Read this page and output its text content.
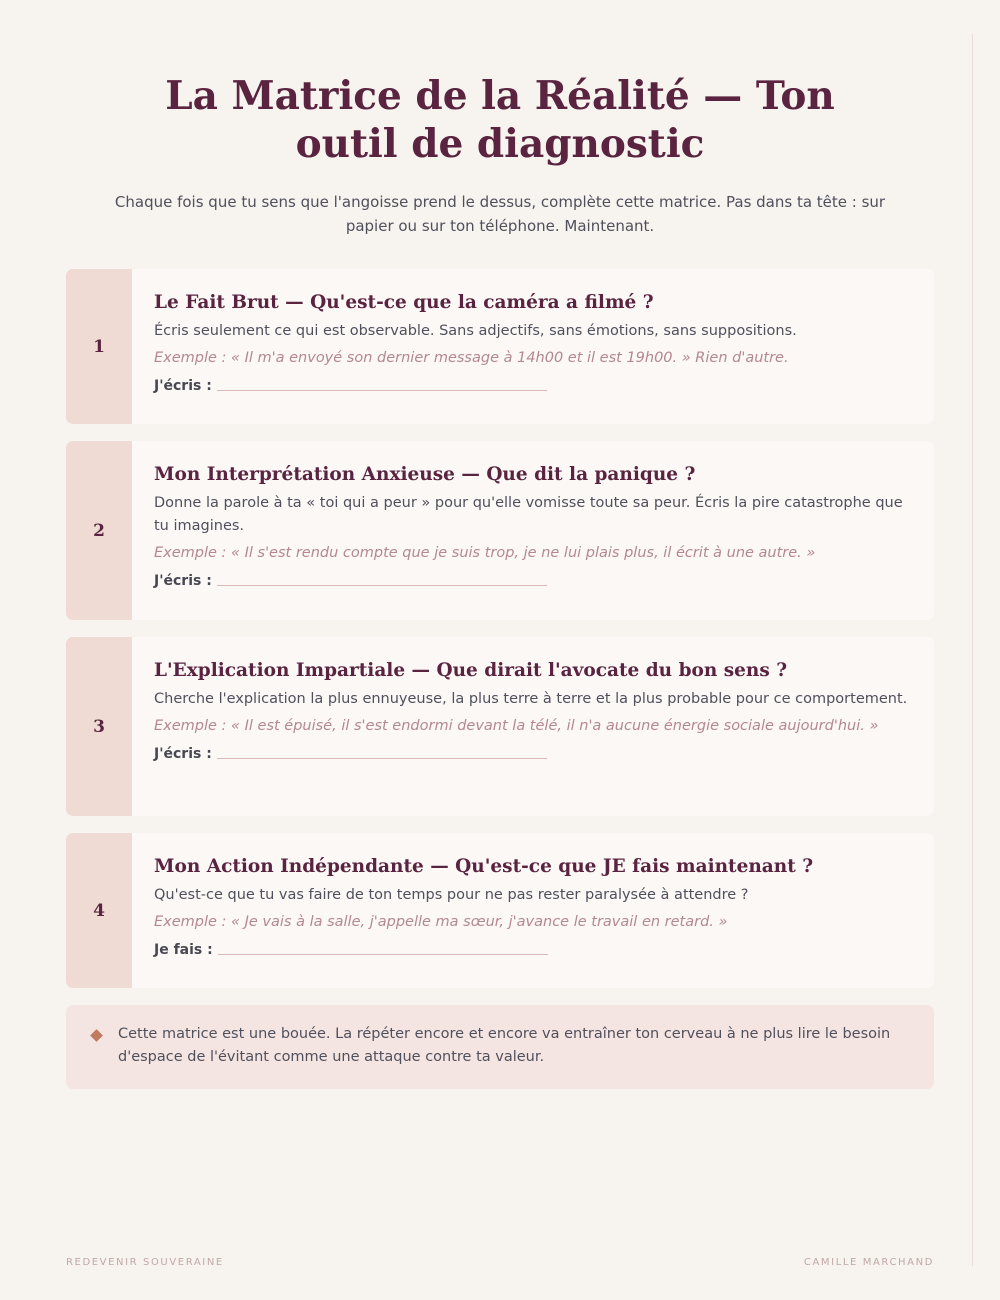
La Matrice de la Réalité — Ton outil de diagnostic

Chaque fois que tu sens que l'angoisse prend le dessus, complète cette matrice. Pas dans ta tête : sur papier ou sur ton téléphone. Maintenant.

1
Le Fait Brut — Qu'est-ce que la caméra a filmé ?

Écris seulement ce qui est observable. Sans adjectifs, sans émotions, sans suppositions.

Exemple : « Il m'a envoyé son dernier message à 14h00 et il est 19h00. » Rien d'autre.

J'écris :
2
Mon Interprétation Anxieuse — Que dit la panique ?

Donne la parole à ta « toi qui a peur » pour qu'elle vomisse toute sa peur. Écris la pire catastrophe que tu imagines.

Exemple : « Il s'est rendu compte que je suis trop, je ne lui plais plus, il écrit à une autre. »

J'écris :
3
L'Explication Impartiale — Que dirait l'avocate du bon sens ?

Cherche l'explication la plus ennuyeuse, la plus terre à terre et la plus probable pour ce comportement.

Exemple : « Il est épuisé, il s'est endormi devant la télé, il n'a aucune énergie sociale aujourd'hui. »

J'écris :
4
Mon Action Indépendante — Qu'est-ce que JE fais maintenant ?

Qu'est-ce que tu vas faire de ton temps pour ne pas rester paralysée à attendre ?

Exemple : « Je vais à la salle, j'appelle ma sœur, j'avance le travail en retard. »

Je fais :

Cette matrice est une bouée. La répéter encore et encore va entraîner ton cerveau à ne plus lire le besoin d'espace de l'évitant comme une attaque contre ta valeur.

REDEVENIR SOUVERAINE	CAMILLE MARCHAND
